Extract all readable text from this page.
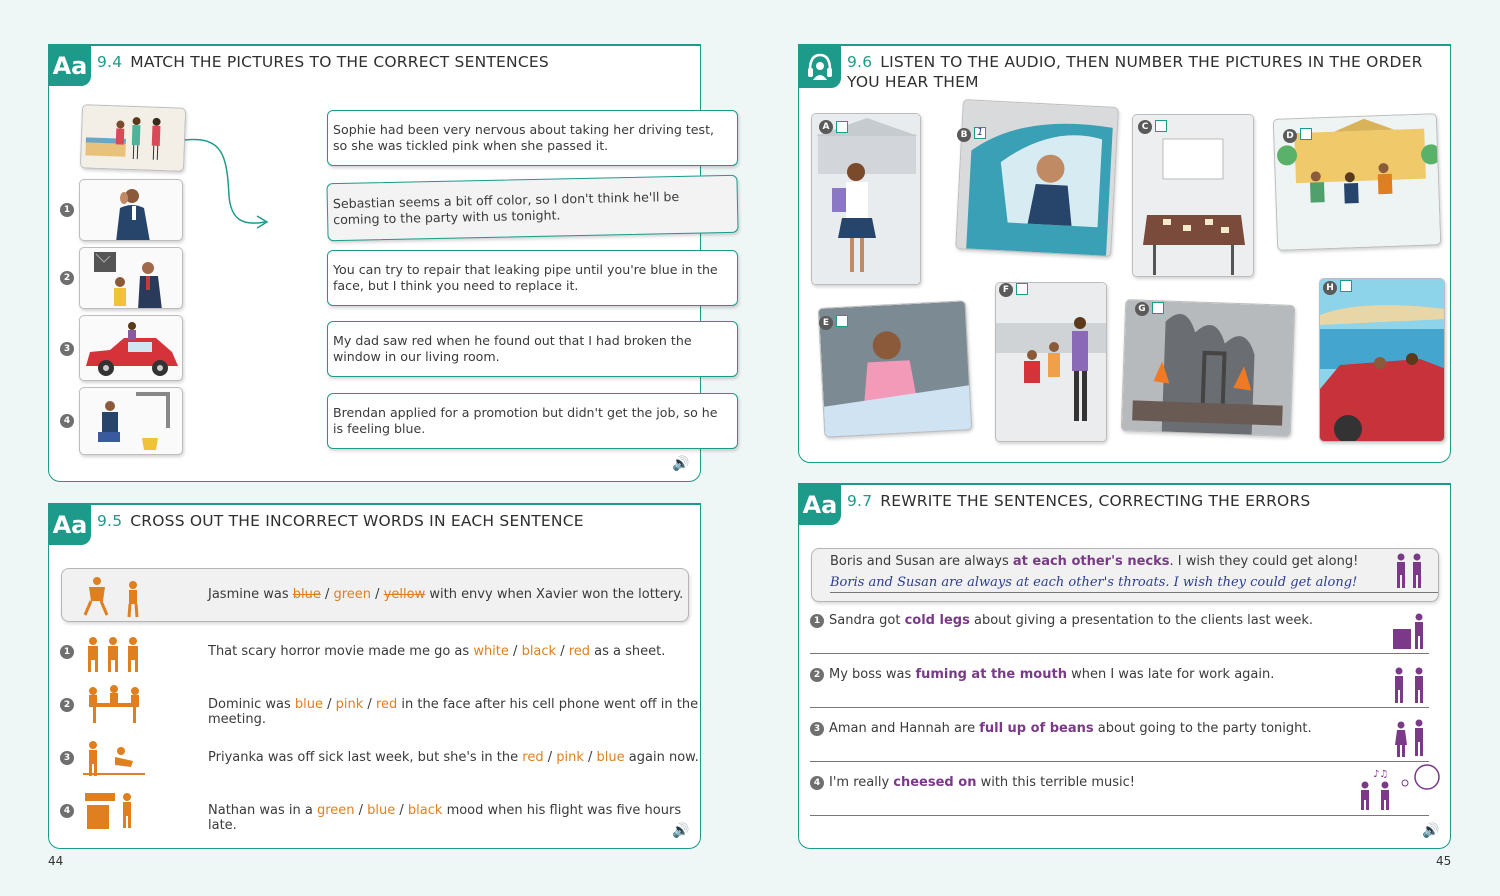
Aa 9.4 MATCH THE PICTURES TO THE CORRECT SENTENCES
1
2
3
4
Sophie had been very nervous about taking her driving test, so she was tickled pink when she passed it.
Sebastian seems a bit off color, so I don't think he'll be coming to the party with us tonight.
You can try to repair that leaking pipe until you're blue in the face, but I think you need to replace it.
My dad saw red when he found out that I had broken the window in our living room.
Brendan applied for a promotion but didn't get the job, so he is feeling blue.
🔊
Aa 9.5 CROSS OUT THE INCORRECT WORDS IN EACH SENTENCE
Jasmine was blue / green / yellow with envy when Xavier won the lottery.
1	That scary horror movie made me go as white / black / red as a sheet.
2	Dominic was blue / pink / red in the face after his cell phone went off in the meeting.
3	Priyanka was off sick last week, but she's in the red / pink / blue again now.
4	Nathan was in a green / blue / black mood when his flight was five hours late.	🔊
44
9.6 LISTEN TO THE AUDIO, THEN NUMBER THE PICTURES IN THE ORDER
YOU HEAR THEM
A
B 1	C
D
E
F
G
H
Aa 9.7 REWRITE THE SENTENCES, CORRECTING THE ERRORS
Boris and Susan are always at each other's necks. I wish they could get along!
Boris and Susan are always at each other's throats. I wish they could get along!
1 Sandra got cold legs about giving a presentation to the clients last week.
2 My boss was fuming at the mouth when I was late for work again.
3 Aman and Hannah are full up of beans about going to the party tonight.
4 I'm really cheesed on with this terrible music!
♪♫
🔊
45
